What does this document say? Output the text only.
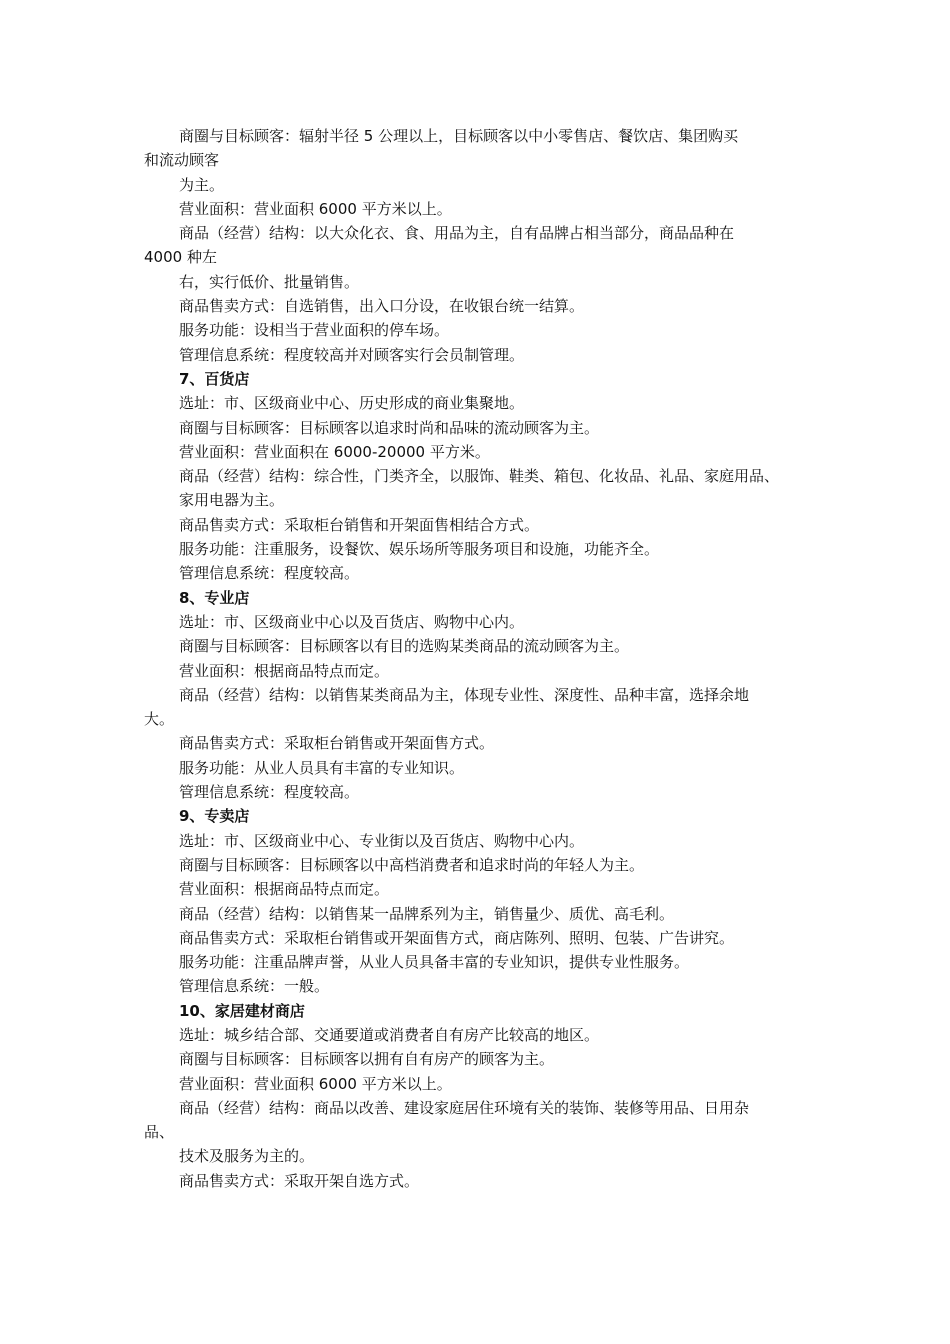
商圈与目标顾客：辐射半径 5 公理以上，目标顾客以中小零售店、餐饮店、集团购买
和流动顾客
为主。
营业面积：营业面积 6000 平方米以上。
商品（经营）结构：以大众化衣、食、用品为主，自有品牌占相当部分，商品品种在
4000 种左
右，实行低价、批量销售。
商品售卖方式：自选销售，出入口分设，在收银台统一结算。
服务功能：设相当于营业面积的停车场。
管理信息系统：程度较高并对顾客实行会员制管理。
7、百货店
选址：市、区级商业中心、历史形成的商业集聚地。
商圈与目标顾客：目标顾客以追求时尚和品味的流动顾客为主。
营业面积：营业面积在 6000-20000 平方米。
商品（经营）结构：综合性，门类齐全，以服饰、鞋类、箱包、化妆品、礼品、家庭用品、
家用电器为主。
商品售卖方式：采取柜台销售和开架面售相结合方式。
服务功能：注重服务，设餐饮、娱乐场所等服务项目和设施，功能齐全。
管理信息系统：程度较高。
8、专业店
选址：市、区级商业中心以及百货店、购物中心内。
商圈与目标顾客：目标顾客以有目的选购某类商品的流动顾客为主。
营业面积：根据商品特点而定。
商品（经营）结构：以销售某类商品为主，体现专业性、深度性、品种丰富，选择余地
大。
商品售卖方式：采取柜台销售或开架面售方式。
服务功能：从业人员具有丰富的专业知识。
管理信息系统：程度较高。
9、专卖店
选址：市、区级商业中心、专业街以及百货店、购物中心内。
商圈与目标顾客：目标顾客以中高档消费者和追求时尚的年轻人为主。
营业面积：根据商品特点而定。
商品（经营）结构：以销售某一品牌系列为主，销售量少、质优、高毛利。
商品售卖方式：采取柜台销售或开架面售方式，商店陈列、照明、包装、广告讲究。
服务功能：注重品牌声誉，从业人员具备丰富的专业知识，提供专业性服务。
管理信息系统：一般。
10、家居建材商店
选址：城乡结合部、交通要道或消费者自有房产比较高的地区。
商圈与目标顾客：目标顾客以拥有自有房产的顾客为主。
营业面积：营业面积 6000 平方米以上。
商品（经营）结构：商品以改善、建设家庭居住环境有关的装饰、装修等用品、日用杂
品、
技术及服务为主的。
商品售卖方式：采取开架自选方式。
